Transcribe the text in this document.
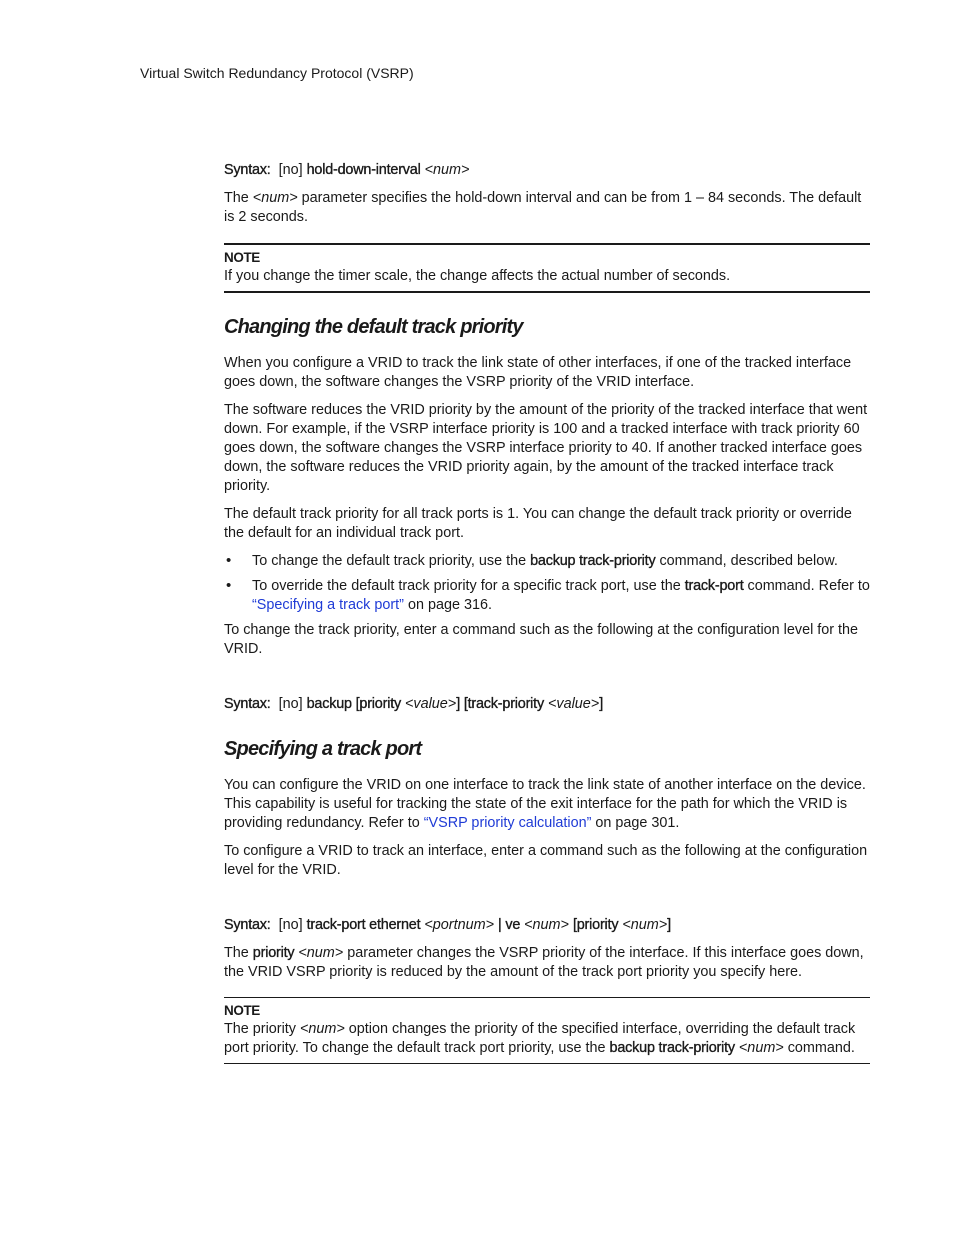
Virtual Switch Redundancy Protocol (VSRP)
Syntax: [no] hold-down-interval <num>

The <num> parameter specifies the hold-down interval and can be from 1 – 84 seconds. The default is 2 seconds.

NOTE
If you change the timer scale, the change affects the actual number of seconds.
Changing the default track priority

When you configure a VRID to track the link state of other interfaces, if one of the tracked interface goes down, the software changes the VSRP priority of the VRID interface.

The software reduces the VRID priority by the amount of the priority of the tracked interface that went down. For example, if the VSRP interface priority is 100 and a tracked interface with track priority 60 goes down, the software changes the VSRP interface priority to 40. If another tracked interface goes down, the software reduces the VRID priority again, by the amount of the tracked interface track priority.

The default track priority for all track ports is 1. You can change the default track priority or override the default for an individual track port.

• To change the default track priority, use the backup track-priority command, described below.
• To override the default track priority for a specific track port, use the track-port command. Refer to “Specifying a track port” on page 316.

To change the track priority, enter a command such as the following at the configuration level for the VRID.

Syntax: [no] backup [priority <value>] [track-priority <value>]
Specifying a track port

You can configure the VRID on one interface to track the link state of another interface on the device. This capability is useful for tracking the state of the exit interface for the path for which the VRID is providing redundancy. Refer to “VSRP priority calculation” on page 301.

To configure a VRID to track an interface, enter a command such as the following at the configuration level for the VRID.

Syntax: [no] track-port ethernet <portnum> | ve <num> [priority <num>]

The priority <num> parameter changes the VSRP priority of the interface. If this interface goes down, the VRID VSRP priority is reduced by the amount of the track port priority you specify here.

NOTE
The priority <num> option changes the priority of the specified interface, overriding the default track port priority. To change the default track port priority, use the backup track-priority <num> command.
